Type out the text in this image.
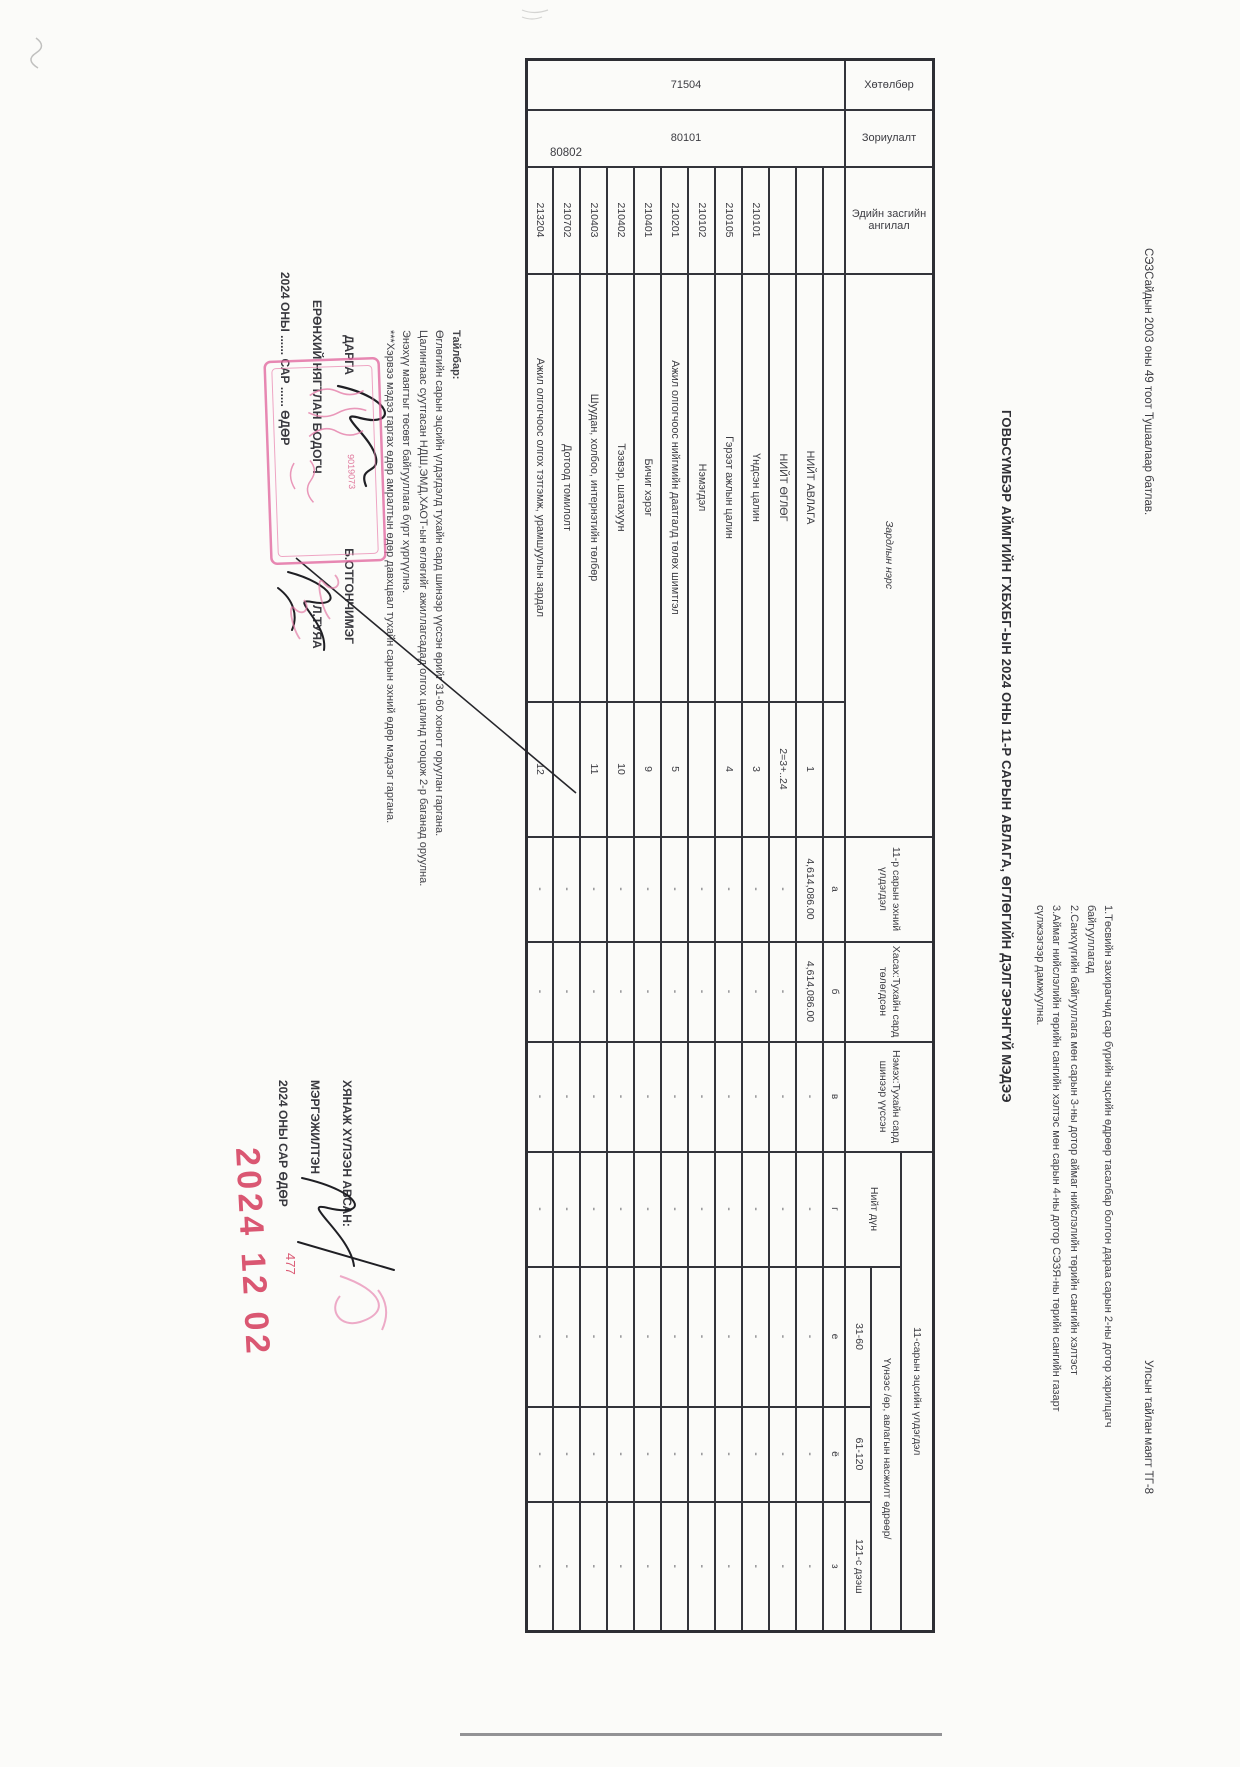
СЭЗСайдын 2003 оны 49 тоот Тушаалаар батлав.
Улсын тайлан маягт ТГ-8
1.Төсвийн захирагчид сар бүрийн эцсийн өдрөөр тасалбар болгон дараа сарын 2-ны дотор харилцагч байгууллагад
2.Санхүүгийн байгууллага мөн сарын 3-ны дотор аймаг нийслэлийн төрийн сангийн хэлтэст
3.Аймаг нийслэлийн төрийн сангийн хэлтэс мөн сарын 4-ны дотор СЭЗЯ-ны төрийн сангийн газарт сүлжээгээр дамжуулна.
ГОВЬСҮМБЭР АЙМГИЙН ГХБХБГ-ЫН 2024 ОНЫ 11-Р САРЫН АВЛАГА, ӨГЛӨГИЙН ДЭЛГЭРЭНГҮЙ МЭДЭЭ
Хөтөлбөр	Зориулалт	Эдийн засгийн ангилал	Зардлын нэрс		11-р сарын эхний үлдэгдэл	Хасах:Тухайн сард төлөгдсөн	Нэмэх:Тухайн сард шинээр үүссэн	11-сарын эцсийн үлдэгдэл			
								Нийт дүн	Үүнээс /өр, авлагын насжилт өдрөөр/		
									31-60	61-120	121-с дээш

71504	80101				а	б	в	г	е	ё	з
			НИЙТ АВЛАГА	1	4,614,086.00	4,614,086.00	-	-	-	-	-
			НИЙТ ӨГЛӨГ	2=3+..24	-	-	-	-	-	-	-
		210101	Үндсэн цалин	3	-	-	-	-	-	-	-
		210105	Гэрээт ажлын цалин	4	-	-	-	-	-	-	-
		210102	Нэмэгдэл		-	-	-	-	-	-	-
		210201	Ажил олгогчоос нийгмийн даатгалд төлөх шимтгэл	5	-	-	-	-	-	-	-
		210401	Бичиг хэрэг	9	-	-	-	-	-	-	-
		210402	Тээвэр, шатахуун	10	-	-	-	-	-	-	-
		210403	Шуудан, холбоо, интернэтийн төлбөр	11	-	-	-	-	-	-	-
		210702	Дотоод томилолт		-	-	-	-	-	-	-
		213204	Ажил олгогчоос олгох тэтгэмж, урамшуулын зардал	12	-	-	-	-	-	-	-
80802
Тайлбар:
Өглөгийн сарын эцсийн үлдэгдэлд тухайн сард шинээр үүссэн өрийг 31-60 хоногт оруулан гаргана.
Цалингаас суутгасан НДШ,ЭМД,ХАОТ-ын өглөгийг ажиллагсадад олгох цалинд тооцож 2-р баганад оруулна.
Энэхүү маягтыг төсөвт байгууллага бүрт хүргүүлнэ.
***Хэрвээ мэдээ гаргах өдөр амралтын өдөр давхцвал тухайн сарын эхний өдөр мэдээг гаргана.
ДАРГА Б.ОТГОНЧИМЭГ
ЕРӨНХИЙ НЯГТЛАН БОДОГЧ Л.ТУЯА
2024 ОНЫ ...... САР ...... ӨДӨР
ХЯНАЖ ХҮЛЭЭН АВСАН:
МЭРГЭЖИЛТЭН
2024 ОНЫ САР ӨДӨР
9019073
2024 12 02 477
